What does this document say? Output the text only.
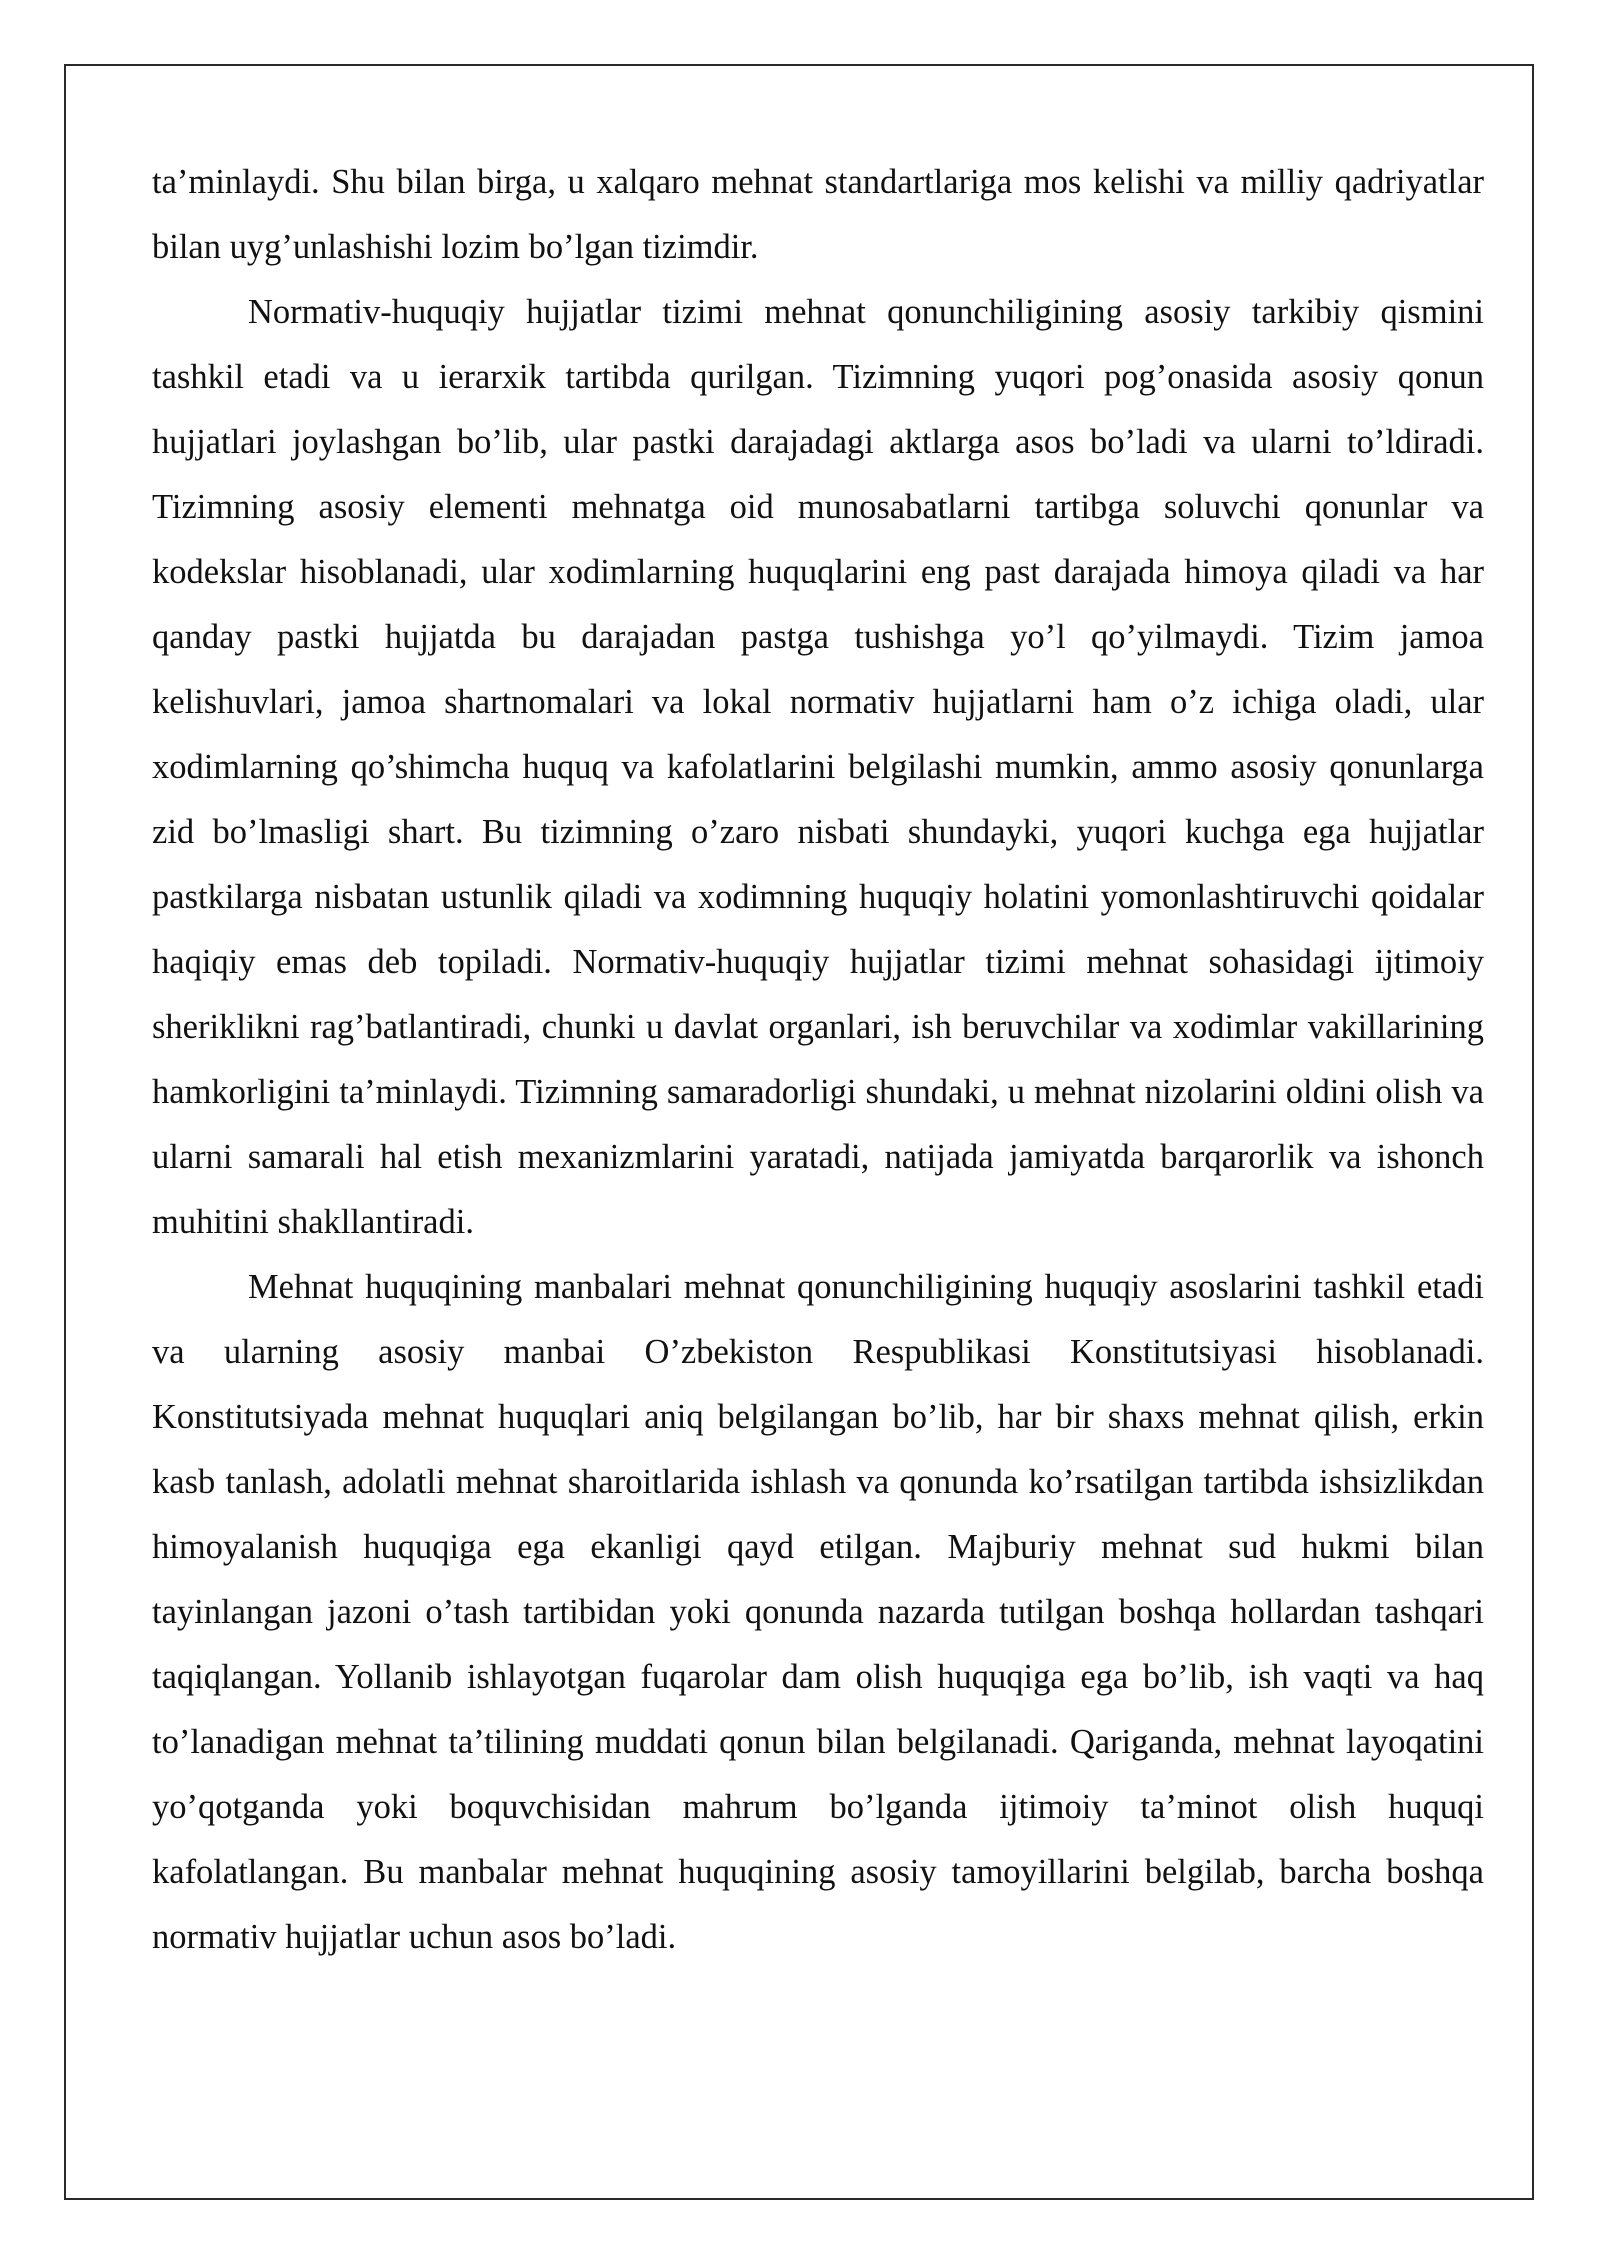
ta’minlaydi. Shu bilan birga, u xalqaro mehnat standartlariga mos kelishi va milliy qadriyatlar bilan uyg’unlashishi lozim bo’lgan tizimdir.

Normativ-huquqiy hujjatlar tizimi mehnat qonunchiligining asosiy tarkibiy qismini tashkil etadi va u ierarxik tartibda qurilgan. Tizimning yuqori pog’onasida asosiy qonun hujjatlari joylashgan bo’lib, ular pastki darajadagi aktlarga asos bo’ladi va ularni to’ldiradi. Tizimning asosiy elementi mehnatga oid munosabatlarni tartibga soluvchi qonunlar va kodekslar hisoblanadi, ular xodimlarning huquqlarini eng past darajada himoya qiladi va har qanday pastki hujjatda bu darajadan pastga tushishga yo’l qo’yilmaydi. Tizim jamoa kelishuvlari, jamoa shartnomalari va lokal normativ hujjatlarni ham o’z ichiga oladi, ular xodimlarning qo’shimcha huquq va kafolatlarini belgilashi mumkin, ammo asosiy qonunlarga zid bo’lmasligi shart. Bu tizimning o’zaro nisbati shundayki, yuqori kuchga ega hujjatlar pastkilarga nisbatan ustunlik qiladi va xodimning huquqiy holatini yomonlashtiruvchi qoidalar haqiqiy emas deb topiladi. Normativ-huquqiy hujjatlar tizimi mehnat sohasidagi ijtimoiy sheriklikni rag’batlantiradi, chunki u davlat organlari, ish beruvchilar va xodimlar vakillarining hamkorligini ta’minlaydi. Tizimning samaradorligi shundaki, u mehnat nizolarini oldini olish va ularni samarali hal etish mexanizmlarini yaratadi, natijada jamiyatda barqarorlik va ishonch muhitini shakllantiradi.

Mehnat huquqining manbalari mehnat qonunchiligining huquqiy asoslarini tashkil etadi va ularning asosiy manbai O’zbekiston Respublikasi Konstitutsiyasi hisoblanadi. Konstitutsiyada mehnat huquqlari aniq belgilangan bo’lib, har bir shaxs mehnat qilish, erkin kasb tanlash, adolatli mehnat sharoitlarida ishlash va qonunda ko’rsatilgan tartibda ishsizlikdan himoyalanish huquqiga ega ekanligi qayd etilgan. Majburiy mehnat sud hukmi bilan tayinlangan jazoni o’tash tartibidan yoki qonunda nazarda tutilgan boshqa hollardan tashqari taqiqlangan. Yollanib ishlayotgan fuqarolar dam olish huquqiga ega bo’lib, ish vaqti va haq to’lanadigan mehnat ta’tilining muddati qonun bilan belgilanadi. Qariganda, mehnat layoqatini yo’qotganda yoki boquvchisidan mahrum bo’lganda ijtimoiy ta’minot olish huquqi kafolatlangan. Bu manbalar mehnat huquqining asosiy tamoyillarini belgilab, barcha boshqa normativ hujjatlar uchun asos bo’ladi.
